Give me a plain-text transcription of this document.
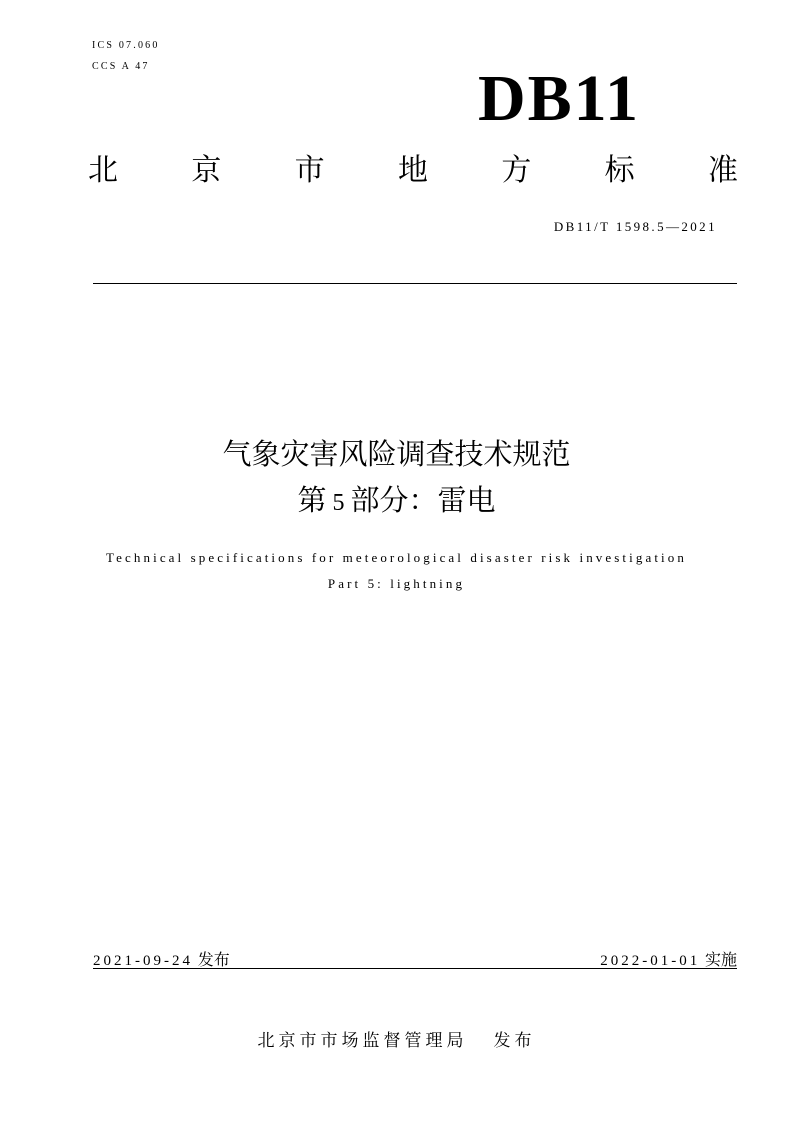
ICS 07.060
CCS A 47	DB11
北 京 市 地 方 标 准
DB11/T 1598.5—2021
气象灾害风险调查技术规范
第 5 部分：雷电
Technical specifications for meteorological disaster risk investigation
Part 5: lightning
2021-09-24 发布	2022-01-01 实施
北京市市场监督管理局 发布
